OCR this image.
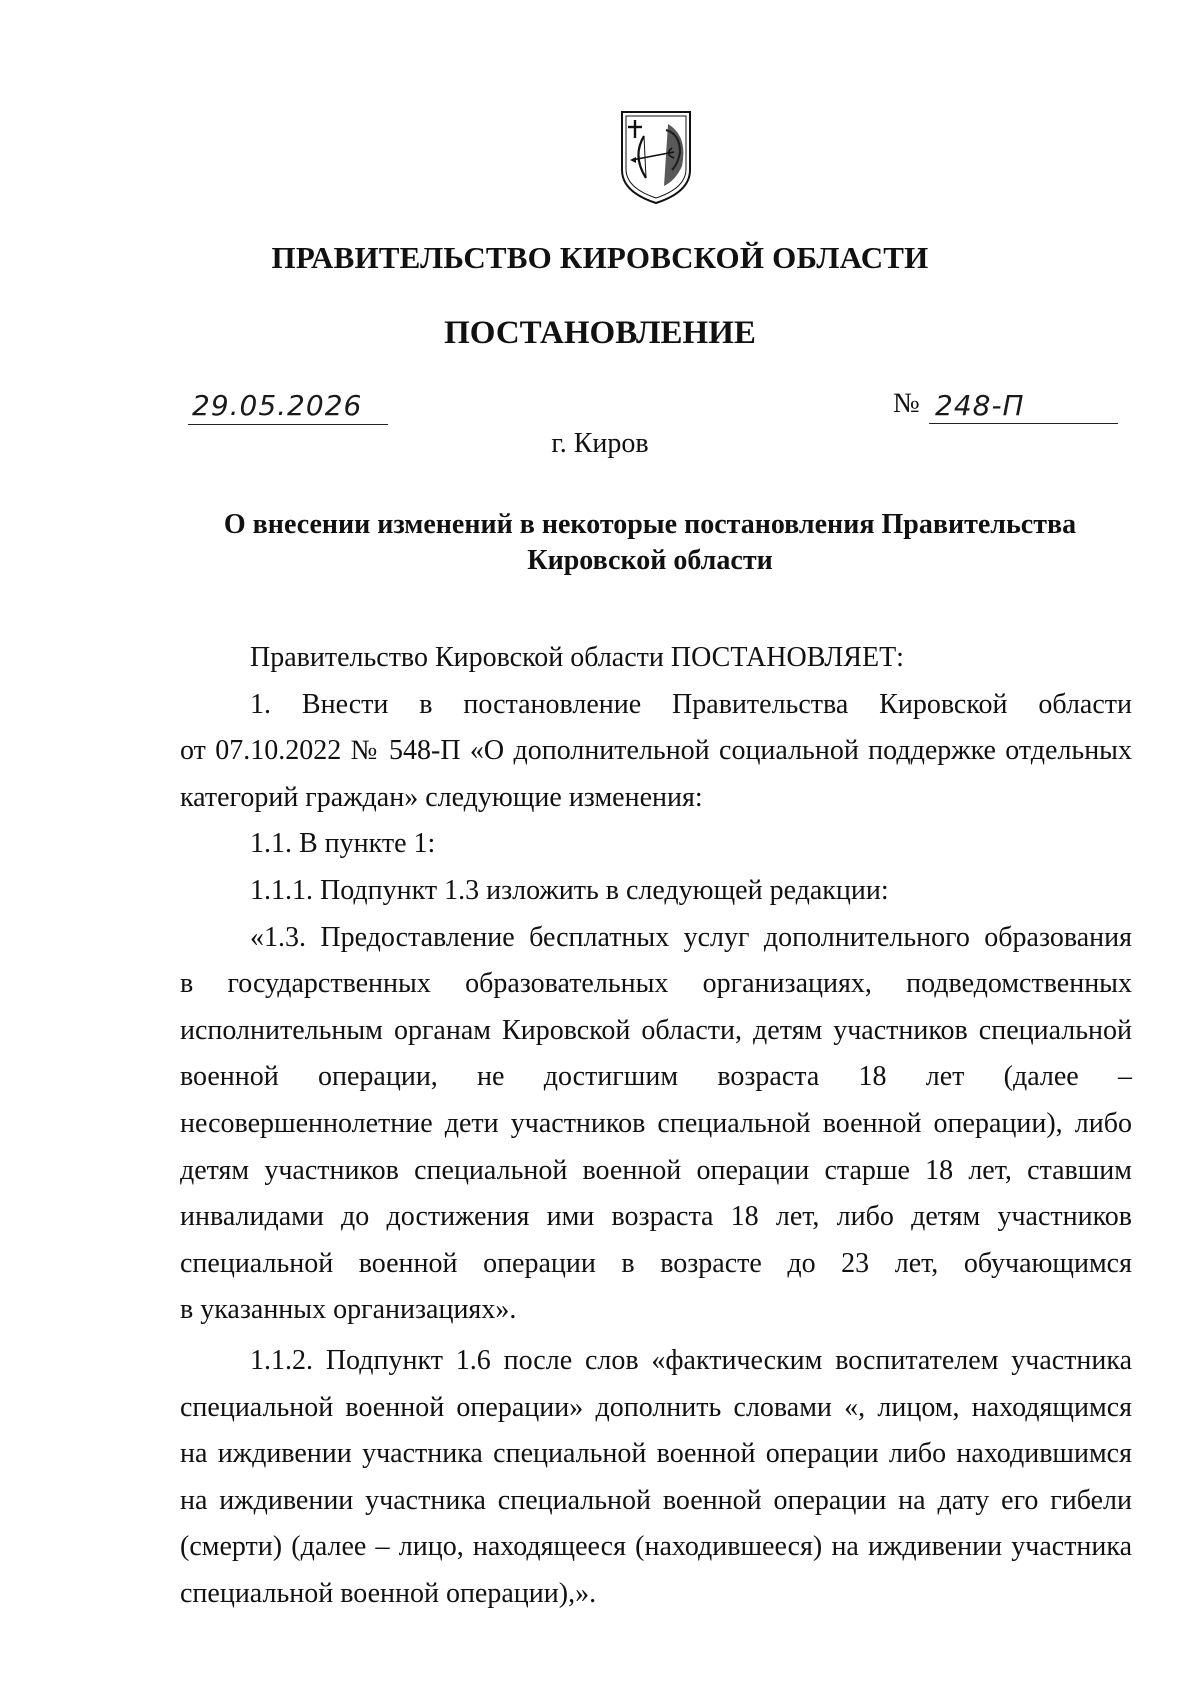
ПРАВИТЕЛЬСТВО КИРОВСКОЙ ОБЛАСТИ
ПОСТАНОВЛЕНИЕ
29.05.2026	№ 248-П
г. Киров
О внесении изменений в некоторые постановления Правительства
Кировской области

Правительство Кировской области ПОСТАНОВЛЯЕТ:

1. Внести в постановление Правительства Кировской области

от 07.10.2022 № 548-П «О дополнительной социальной поддержке отдельных

категорий граждан» следующие изменения:

1.1. В пункте 1:

1.1.1. Подпункт 1.3 изложить в следующей редакции:

«1.3. Предоставление бесплатных услуг дополнительного образования

в государственных образовательных организациях, подведомственных

исполнительным органам Кировской области, детям участников специальной

военной операции, не достигшим возраста 18 лет (далее –

несовершеннолетние дети участников специальной военной операции), либо

детям участников специальной военной операции старше 18 лет, ставшим

инвалидами до достижения ими возраста 18 лет, либо детям участников

специальной военной операции в возрасте до 23 лет, обучающимся

в указанных организациях».

1.1.2. Подпункт 1.6 после слов «фактическим воспитателем участника

специальной военной операции» дополнить словами «, лицом, находящимся

на иждивении участника специальной военной операции либо находившимся

на иждивении участника специальной военной операции на дату его гибели

(смерти) (далее – лицо, находящееся (находившееся) на иждивении участника

специальной военной операции),».
